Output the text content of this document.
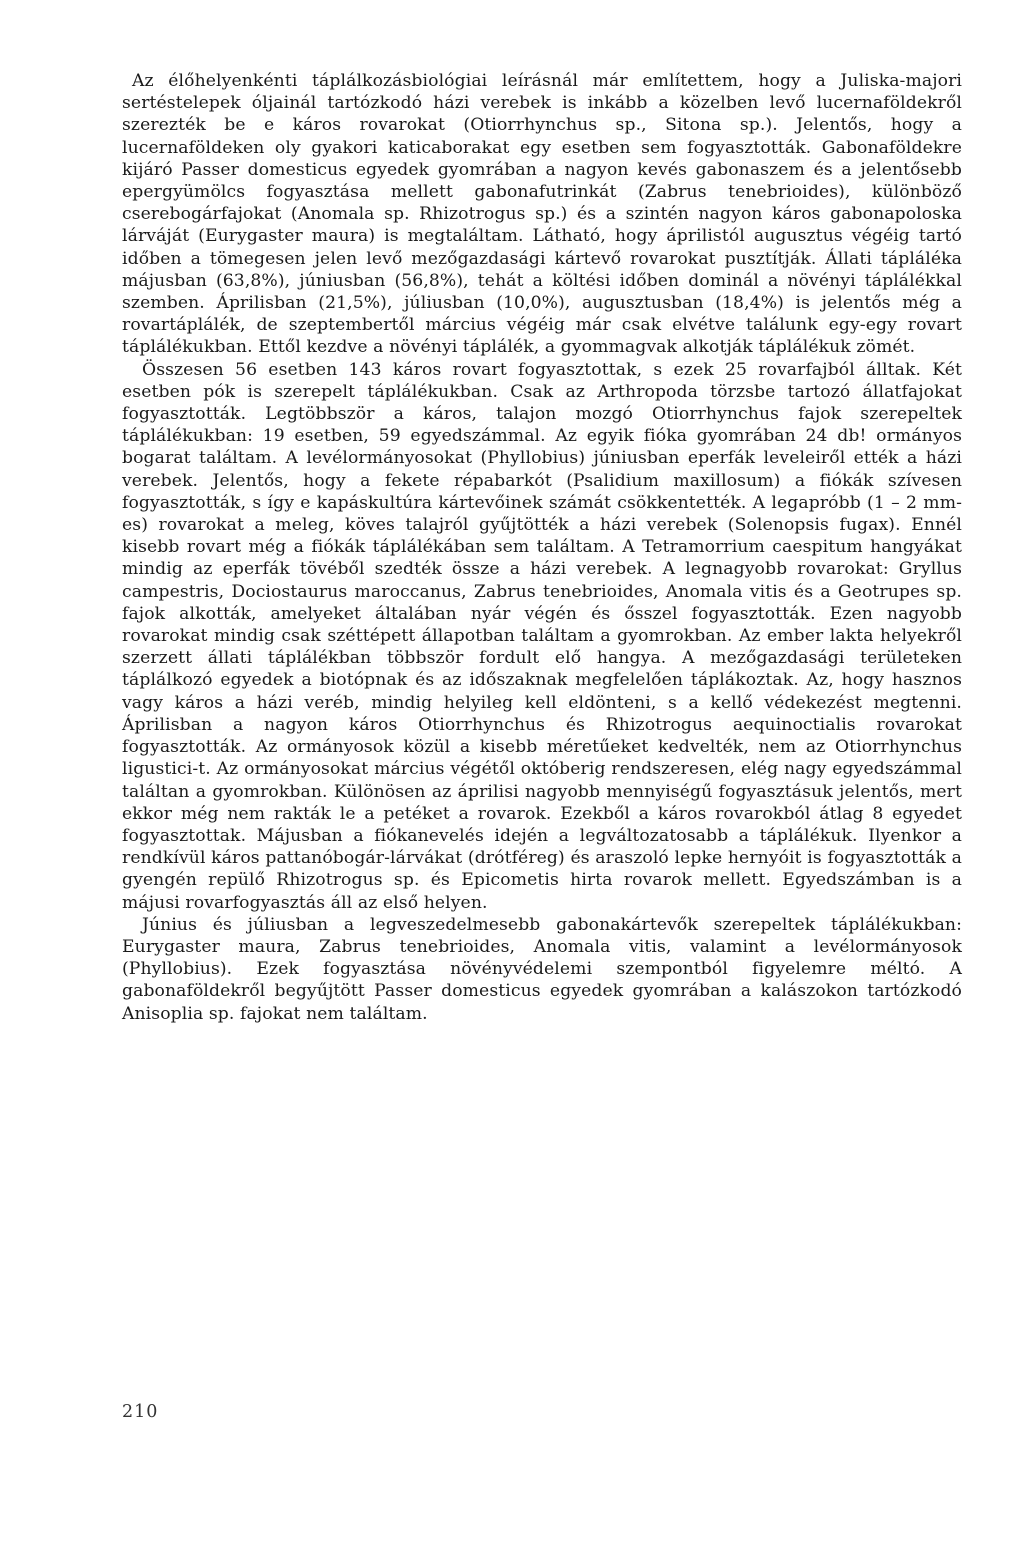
Az élőhelyenkénti táplálkozásbiológiai leírásnál már említettem, hogy a Juliska-majori sertéstelepek óljainál tartózkodó házi verebek is inkább a közelben levő lucernaföldekről szerezték be e káros rovarokat (Otiorrhynchus sp., Sitona sp.). Jelentős, hogy a lucernaföldeken oly gyakori katicaborakat egy esetben sem fogyasztották. Gabonaföldekre kijáró Passer domesticus egyedek gyomrában a nagyon kevés gabonaszem és a jelentősebb epergyümölcs fogyasztása mellett gabonafutrinkát (Zabrus tenebrioides), különböző cserebogárfajokat (Anomala sp. Rhizotrogus sp.) és a szintén nagyon káros gabonapoloska lárváját (Eurygaster maura) is megtaláltam. Látható, hogy áprilistól augusztus végéig tartó időben a tömegesen jelen levő mezőgazdasági kártevő rovarokat pusztítják. Állati tápláléka májusban (63,8%), júniusban (56,8%), tehát a költési időben dominál a növényi táplálékkal szemben. Áprilisban (21,5%), júliusban (10,0%), augusztusban (18,4%) is jelentős még a rovartáplálék, de szeptembertől március végéig már csak elvétve találunk egy-egy rovart táplálékukban. Ettől kezdve a növényi táplálék, a gyommagvak alkotják táplálékuk zömét.

Összesen 56 esetben 143 káros rovart fogyasztottak, s ezek 25 rovarfajból álltak. Két esetben pók is szerepelt táplálékukban. Csak az Arthropoda törzsbe tartozó állatfajokat fogyasztották. Legtöbbször a káros, talajon mozgó Otiorrhynchus fajok szerepeltek táplálékukban: 19 esetben, 59 egyedszámmal. Az egyik fióka gyomrában 24 db! ormányos bogarat találtam. A levélormányosokat (Phyllobius) júniusban eperfák leveleiről ették a házi verebek. Jelentős, hogy a fekete répabarkót (Psalidium maxillosum) a fiókák szívesen fogyasztották, s így e kapáskultúra kártevőinek számát csökkentették. A legapróbb (1 – 2 mm-es) rovarokat a meleg, köves talajról gyűjtötték a házi verebek (Solenopsis fugax). Ennél kisebb rovart még a fiókák táplálékában sem találtam. A Tetramorrium caespitum hangyákat mindig az eperfák tövéből szedték össze a házi verebek. A legnagyobb rovarokat: Gryllus campestris, Dociostaurus maroccanus, Zabrus tenebrioides, Anomala vitis és a Geotrupes sp. fajok alkották, amelyeket általában nyár végén és ősszel fogyasztották. Ezen nagyobb rovarokat mindig csak széttépett állapotban találtam a gyomrokban. Az ember lakta helyekről szerzett állati táplálékban többször fordult elő hangya. A mezőgazdasági területeken táplálkozó egyedek a biotópnak és az időszaknak megfelelően táplákoztak. Az, hogy hasznos vagy káros a házi veréb, mindig helyileg kell eldönteni, s a kellő védekezést megtenni. Áprilisban a nagyon káros Otiorrhynchus és Rhizotrogus aequinoctialis rovarokat fogyasztották. Az ormányosok közül a kisebb méretűeket kedvelték, nem az Otiorrhynchus ligustici-t. Az ormányosokat március végétől októberig rendszeresen, elég nagy egyedszámmal találtan a gyomrokban. Különösen az áprilisi nagyobb mennyiségű fogyasztásuk jelentős, mert ekkor még nem rakták le a petéket a rovarok. Ezekből a káros rovarokból átlag 8 egyedet fogyasztottak. Májusban a fiókanevelés idején a legváltozatosabb a táplálékuk. Ilyenkor a rendkívül káros pattanóbogár-lárvákat (drótféreg) és araszoló lepke hernyóit is fogyasztották a gyengén repülő Rhizotrogus sp. és Epicometis hirta rovarok mellett. Egyedszámban is a májusi rovarfogyasztás áll az első helyen.

Június és júliusban a legveszedelmesebb gabonakártevők szerepeltek táplálékukban: Eurygaster maura, Zabrus tenebrioides, Anomala vitis, valamint a levélormányosok (Phyllobius). Ezek fogyasztása növényvédelemi szempontból figyelemre méltó. A gabonaföldekről begyűjtött Passer domesticus egyedek gyomrában a kalászokon tartózkodó Anisoplia sp. fajokat nem találtam.

210
